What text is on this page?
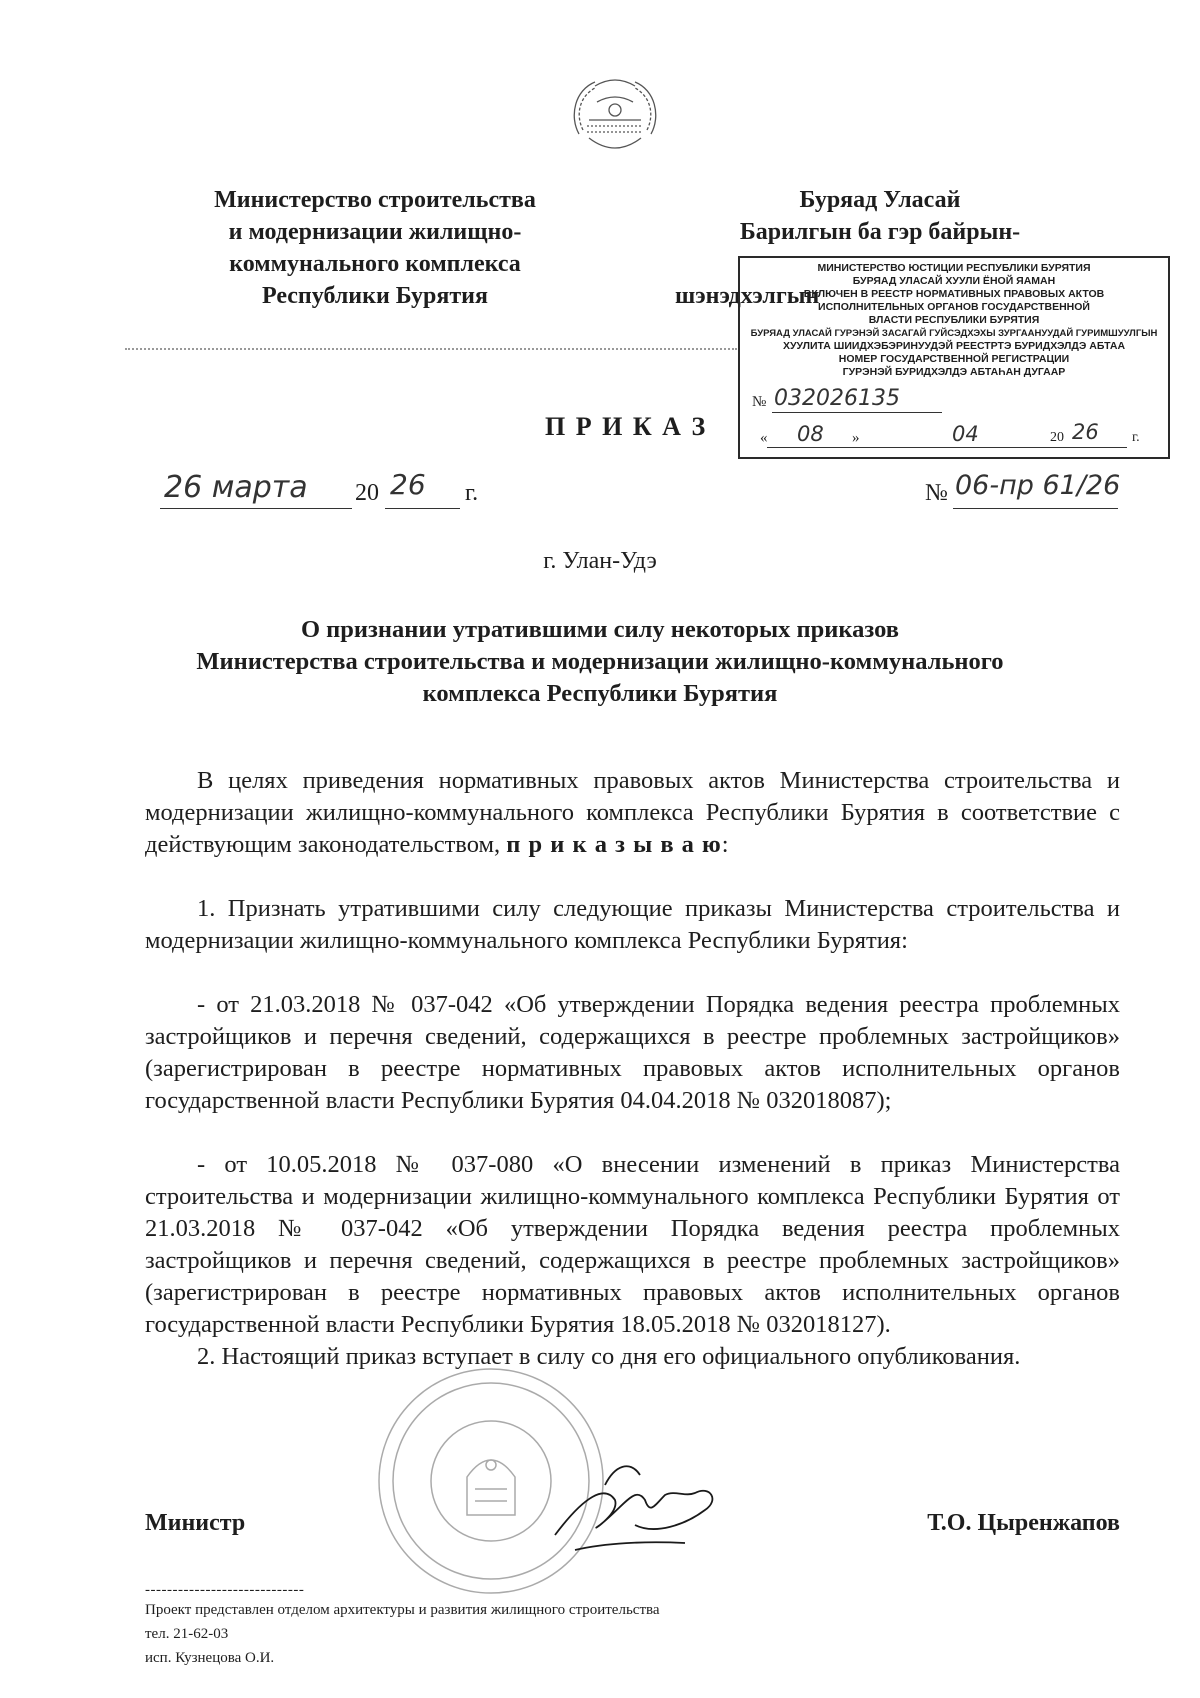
Министерство строительства
и модернизации жилищно-
коммунального комплекса
Республики Бурятия
Буряад Уласай
Барилгын ба гэр байрын-
шэнэдхэлгын
МИНИСТЕРСТВО ЮСТИЦИИ РЕСПУБЛИКИ БУРЯТИЯ
БУРЯАД УЛАСАЙ ХУУЛИ ЁНОЙ ЯАМАН
ВКЛЮЧЕН В РЕЕСТР НОРМАТИВНЫХ ПРАВОВЫХ АКТОВ
ИСПОЛНИТЕЛЬНЫХ ОРГАНОВ ГОСУДАРСТВЕННОЙ
ВЛАСТИ РЕСПУБЛИКИ БУРЯТИЯ
БУРЯАД УЛАСАЙ ГУРЭНЭЙ ЗАСАГАЙ ГУЙСЭДХЭХЫ ЗУРГААНУУДАЙ ГУРИМШУУЛГЫН
ХУУЛИТА ШИИДХЭБЭРИНУУДЭЙ РЕЕСТРТЭ БУРИДХЭЛДЭ АБТАА
НОМЕР ГОСУДАРСТВЕННОЙ РЕГИСТРАЦИИ
ГУРЭНЭЙ БУРИДХЭЛДЭ АБТАҺАН ДУГААР
№ 032026135
« 08 »	04	20 26 г.
П Р И К А З
26 марта 20 26 г.	№ 06-пр 61/26
г. Улан-Удэ
О признании утратившими силу некоторых приказов
Министерства строительства и модернизации жилищно-коммунального
комплекса Республики Бурятия

В целях приведения нормативных правовых актов Министерства строительства и модернизации жилищно-коммунального комплекса Республики Бурятия в соответствие с действующим законодательством, п р и к а з ы в а ю:

1. Признать утратившими силу следующие приказы Министерства строительства и модернизации жилищно-коммунального комплекса Республики Бурятия:

- от 21.03.2018 № 037-042 «Об утверждении Порядка ведения реестра проблемных застройщиков и перечня сведений, содержащихся в реестре проблемных застройщиков» (зарегистрирован в реестре нормативных правовых актов исполнительных органов государственной власти Республики Бурятия 04.04.2018 № 032018087);

- от 10.05.2018 № 037-080 «О внесении изменений в приказ Министерства строительства и модернизации жилищно-коммунального комплекса Республики Бурятия от 21.03.2018 № 037-042 «Об утверждении Порядка ведения реестра проблемных застройщиков и перечня сведений, содержащихся в реестре проблемных застройщиков» (зарегистрирован в реестре нормативных правовых актов исполнительных органов государственной власти Республики Бурятия 18.05.2018 № 032018127).

2. Настоящий приказ вступает в силу со дня его официального опубликования.

Министр	Т.О. Цыренжапов
-----------------------------
Проект представлен отделом архитектуры и развития жилищного строительства
тел. 21-62-03
исп. Кузнецова О.И.
